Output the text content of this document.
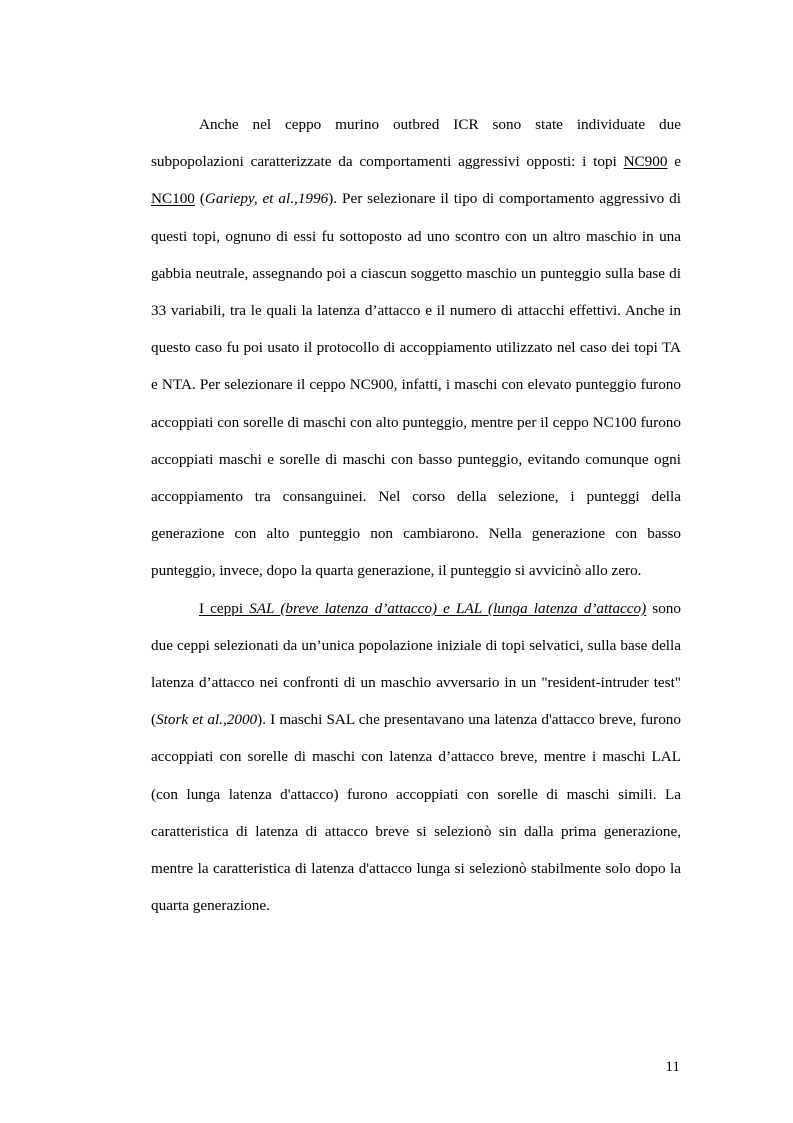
Anche nel ceppo murino outbred ICR sono state individuate due subpopolazioni caratterizzate da comportamenti aggressivi opposti: i topi NC900 e NC100 (Gariepy, et al.,1996). Per selezionare il tipo di comportamento aggressivo di questi topi, ognuno di essi fu sottoposto ad uno scontro con un altro maschio in una gabbia neutrale, assegnando poi a ciascun soggetto maschio un punteggio sulla base di 33 variabili, tra le quali la latenza d’attacco e il numero di attacchi effettivi. Anche in questo caso fu poi usato il protocollo di accoppiamento utilizzato nel caso dei topi TA e NTA. Per selezionare il ceppo NC900, infatti, i maschi con elevato punteggio furono accoppiati con sorelle di maschi con alto punteggio, mentre per il ceppo NC100 furono accoppiati maschi e sorelle di maschi con basso punteggio, evitando comunque ogni accoppiamento tra consanguinei. Nel corso della selezione, i punteggi della generazione con alto punteggio non cambiarono. Nella generazione con basso punteggio, invece, dopo la quarta generazione, il punteggio si avvicinò allo zero.

I ceppi SAL (breve latenza d’attacco) e LAL (lunga latenza d’attacco) sono due ceppi selezionati da un’unica popolazione iniziale di topi selvatici, sulla base della latenza d’attacco nei confronti di un maschio avversario in un "resident-intruder test" (Stork et al.,2000). I maschi SAL che presentavano una latenza d'attacco breve, furono accoppiati con sorelle di maschi con latenza d’attacco breve, mentre i maschi LAL (con lunga latenza d'attacco) furono accoppiati con sorelle di maschi simili. La caratteristica di latenza di attacco breve si selezionò sin dalla prima generazione, mentre la caratteristica di latenza d'attacco lunga si selezionò stabilmente solo dopo la quarta generazione.

11
